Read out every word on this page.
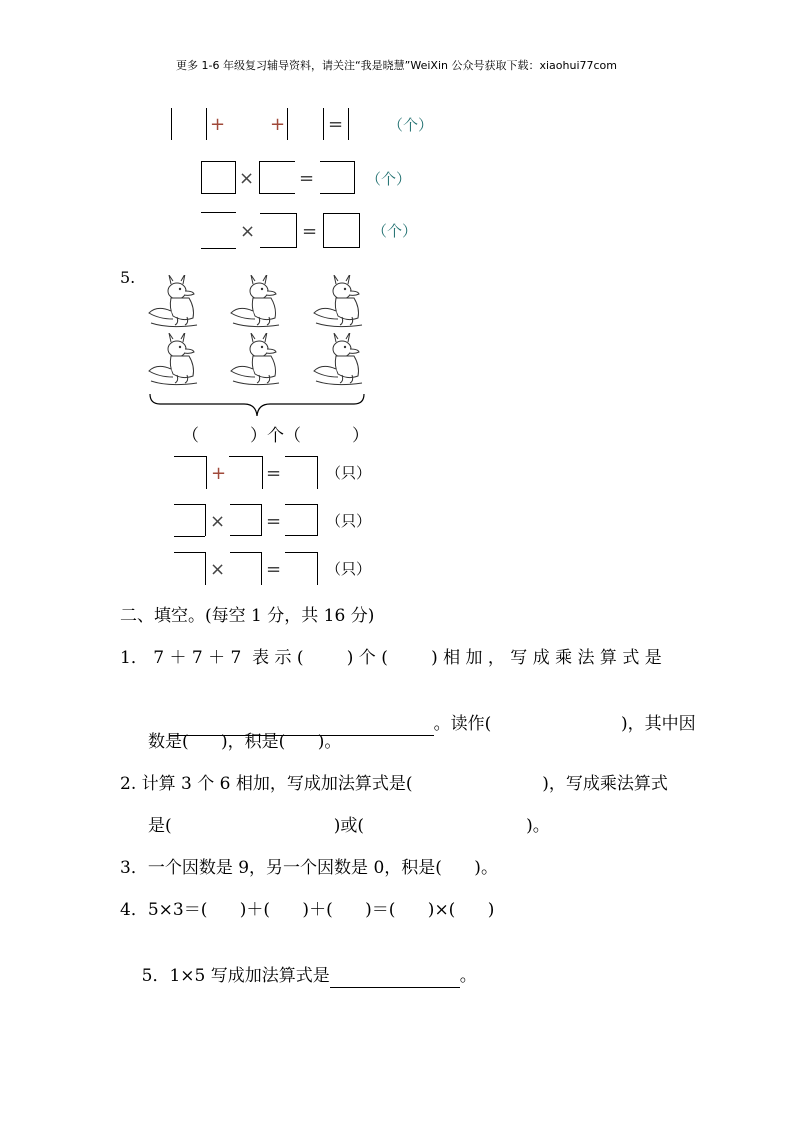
更多 1-6 年级复习辅导资料，请关注“我是晓慧”WeiXin 公众号获取下载：xiaohui77com
+ + =	（个）
× =	（个）
×	=	（个）
5.
（　　　）个（　　　）
+ =	（只）
× =	（只）
× =	（只）
二、填空。(每空 1 分，共 16 分)
1． 7 ＋ 7 ＋ 7  表 示 (        ) 个 (        ) 相 加 ， 写 成 乘 法 算 式 是

。读作(                        )，其中因

数是(      )，积是(      )。
2. 计算 3 个 6 相加，写成加法算式是(                        )，写成乘法算式
是(                              )或(                              )。
3．一个因数是 9，另一个因数是 0，积是(      )。
4．5×3＝(      )＋(      )＋(      )＝(      )×(      )

5．1×5 写成加法算式是	。
